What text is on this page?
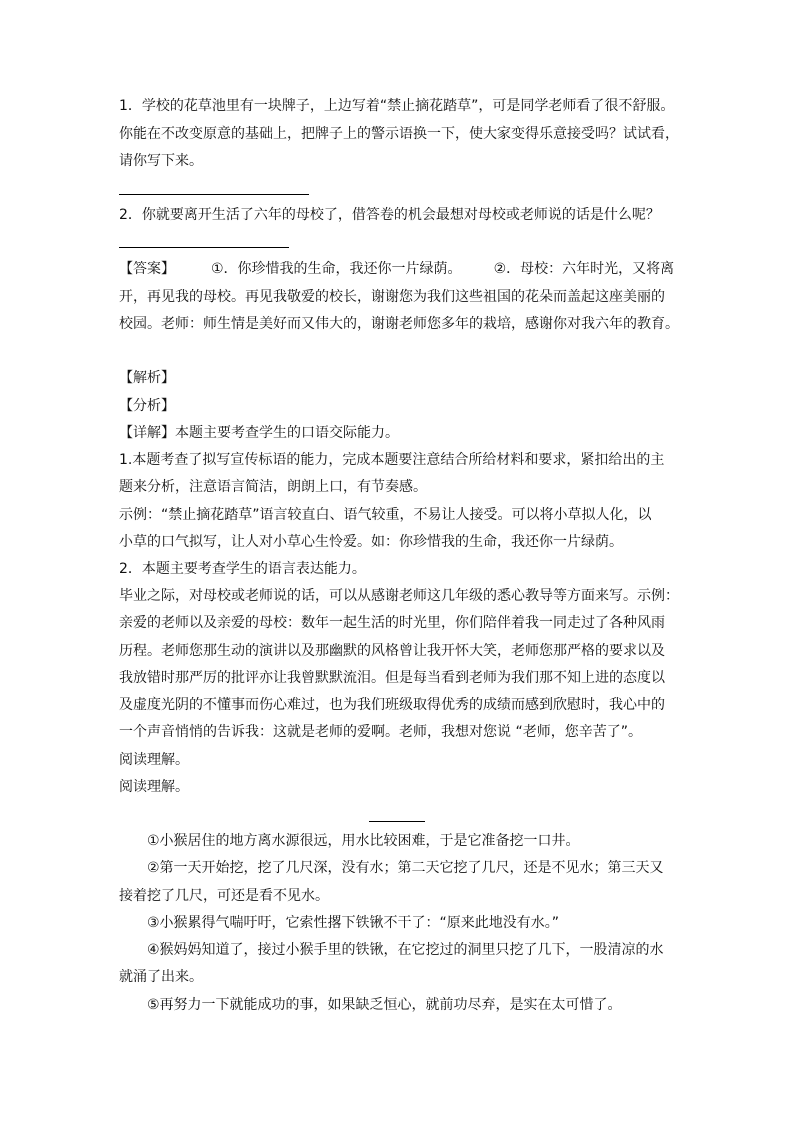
1．学校的花草池里有一块牌子，上边写着“禁止摘花踏草”，可是同学老师看了很不舒服。
你能在不改变原意的基础上，把牌子上的警示语换一下，使大家变得乐意接受吗？试试看，
请你写下来。
2．你就要离开生活了六年的母校了，借答卷的机会最想对母校或老师说的话是什么呢？
【答案】	①．你珍惜我的生命，我还你一片绿荫。 ②．母校：六年时光，又将离
开，再见我的母校。再见我敬爱的校长，谢谢您为我们这些祖国的花朵而盖起这座美丽的
校园。老师：师生情是美好而又伟大的，谢谢老师您多年的栽培，感谢你对我六年的教育。
【解析】
【分析】
【详解】本题主要考查学生的口语交际能力。
1.本题考查了拟写宣传标语的能力，完成本题要注意结合所给材料和要求，紧扣给出的主
题来分析，注意语言简洁，朗朗上口，有节奏感。
示例：“禁止摘花踏草”语言较直白、语气较重，不易让人接受。可以将小草拟人化，以
小草的口气拟写，让人对小草心生怜爱。如：你珍惜我的生命，我还你一片绿荫。
2．本题主要考查学生的语言表达能力。
毕业之际，对母校或老师说的话，可以从感谢老师这几年级的悉心教导等方面来写。示例：
亲爱的老师以及亲爱的母校：数年一起生活的时光里，你们陪伴着我一同走过了各种风雨
历程。老师您那生动的演讲以及那幽默的风格曾让我开怀大笑，老师您那严格的要求以及
我放错时那严厉的批评亦让我曾默默流泪。但是每当看到老师为我们那不知上进的态度以
及虚度光阴的不懂事而伤心难过，也为我们班级取得优秀的成绩而感到欣慰时，我心中的
一个声音悄悄的告诉我：这就是老师的爱啊。老师，我想对您说 “老师，您辛苦了”。
阅读理解。
阅读理解。
①小猴居住的地方离水源很远，用水比较困难，于是它准备挖一口井。
②第一天开始挖，挖了几尺深，没有水；第二天它挖了几尺，还是不见水；第三天又
接着挖了几尺，可还是看不见水。
③小猴累得气喘吁吁，它索性撂下铁锹不干了：“原来此地没有水。”
④猴妈妈知道了，接过小猴手里的铁锹，在它挖过的洞里只挖了几下，一股清凉的水
就涌了出来。
⑤再努力一下就能成功的事，如果缺乏恒心，就前功尽弃，是实在太可惜了。
